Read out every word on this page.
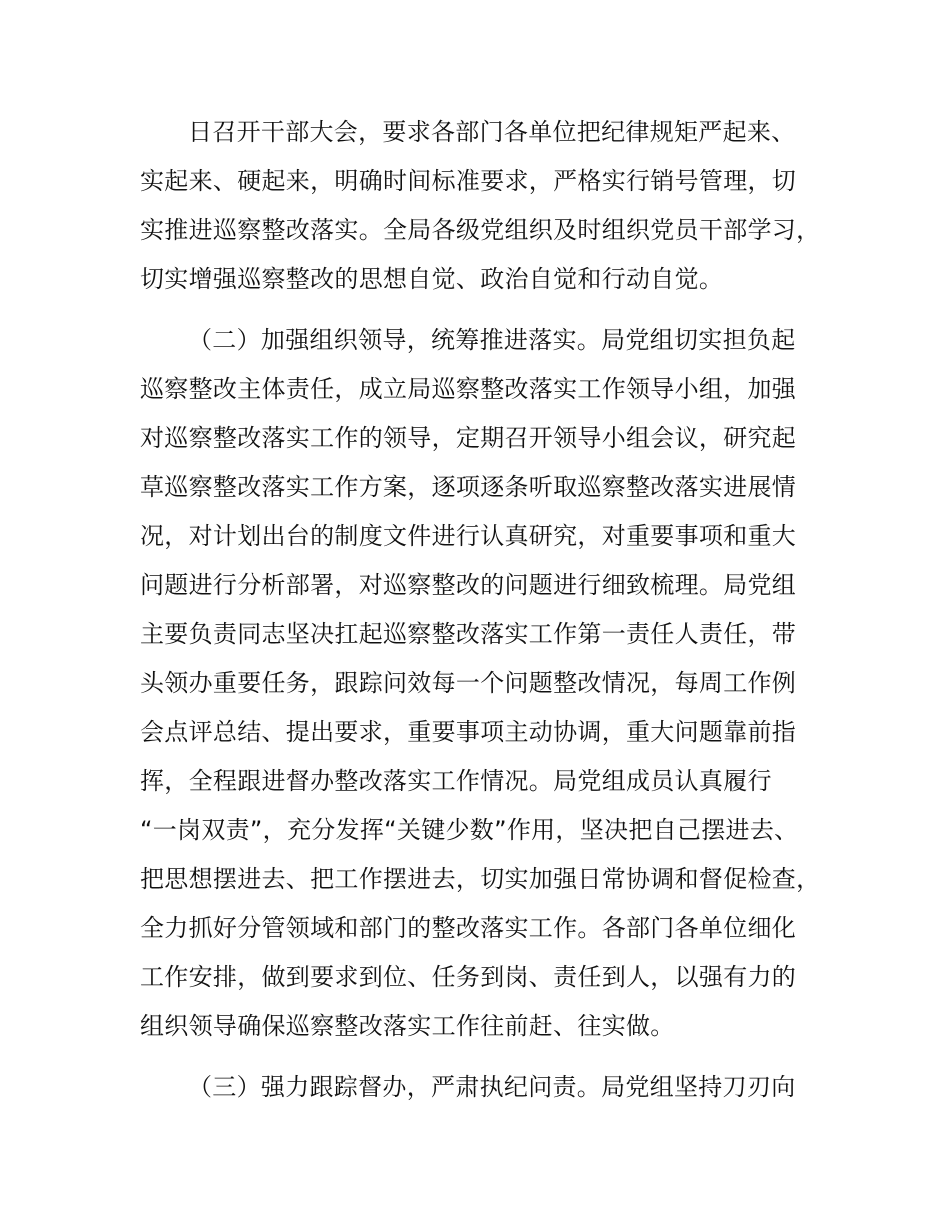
日召开干部大会，要求各部门各单位把纪律规矩严起来、
实起来、硬起来，明确时间标准要求，严格实行销号管理，切
实推进巡察整改落实。全局各级党组织及时组织党员干部学习，
切实增强巡察整改的思想自觉、政治自觉和行动自觉。
（二）加强组织领导，统筹推进落实。局党组切实担负起
巡察整改主体责任，成立局巡察整改落实工作领导小组，加强
对巡察整改落实工作的领导，定期召开领导小组会议，研究起
草巡察整改落实工作方案，逐项逐条听取巡察整改落实进展情
况，对计划出台的制度文件进行认真研究，对重要事项和重大
问题进行分析部署，对巡察整改的问题进行细致梳理。局党组
主要负责同志坚决扛起巡察整改落实工作第一责任人责任，带
头领办重要任务，跟踪问效每一个问题整改情况，每周工作例
会点评总结、提出要求，重要事项主动协调，重大问题靠前指
挥，全程跟进督办整改落实工作情况。局党组成员认真履行
“一岗双责”，充分发挥“关键少数”作用，坚决把自己摆进去、
把思想摆进去、把工作摆进去，切实加强日常协调和督促检查，
全力抓好分管领域和部门的整改落实工作。各部门各单位细化
工作安排，做到要求到位、任务到岗、责任到人，以强有力的
组织领导确保巡察整改落实工作往前赶、往实做。
（三）强力跟踪督办，严肃执纪问责。局党组坚持刀刃向
